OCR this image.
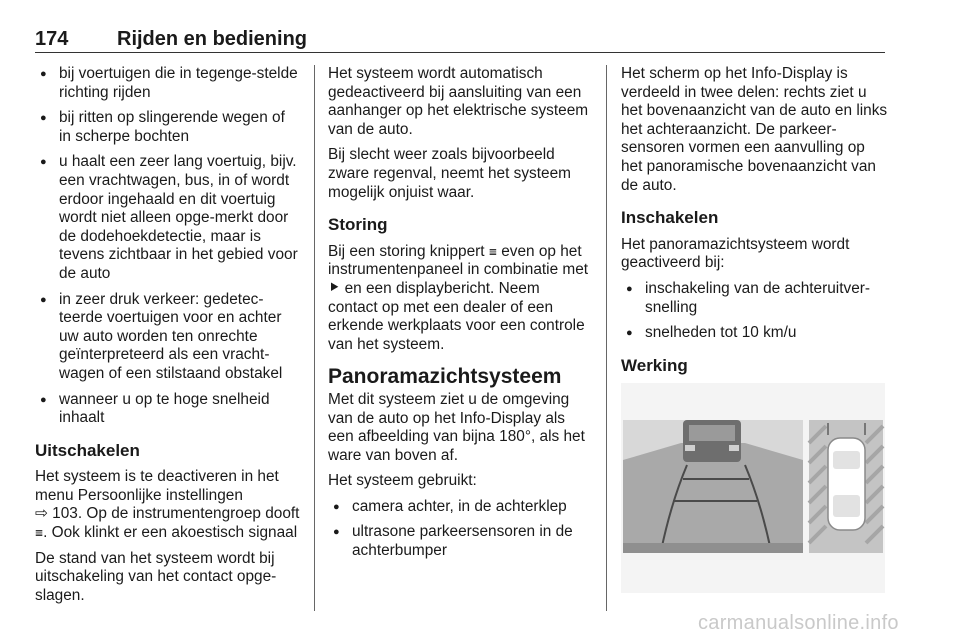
174 Rijden en bediening
● bij voertuigen die in tegenge-stelde richting rijden
● bij ritten op slingerende wegen of in scherpe bochten
● u haalt een zeer lang voertuig, bijv. een vrachtwagen, bus, in of wordt erdoor ingehaald en dit voertuig wordt niet alleen opge-merkt door de dodehoekdetectie, maar is tevens zichtbaar in het gebied voor de auto
● in zeer druk verkeer: gedetec-teerde voertuigen voor en achter uw auto worden ten onrechte geïnterpreteerd als een vracht-wagen of een stilstaand obstakel
● wanneer u op te hoge snelheid inhaalt
Uitschakelen

Het systeem is te deactiveren in het menu Persoonlijke instellingen
⇨ 103. Op de instrumentengroep dooft 𝌆. Ook klinkt er een akoestisch signaal

De stand van het systeem wordt bij uitschakeling van het contact opge-slagen.

Het systeem wordt automatisch gedeactiveerd bij aansluiting van een aanhanger op het elektrische systeem van de auto.

Bij slecht weer zoals bijvoorbeeld zware regenval, neemt het systeem mogelijk onjuist waar.

Storing

Bij een storing knippert 𝌆 even op het instrumentenpaneel in combinatie met ⯈ en een displaybericht. Neem contact op met een dealer of een erkende werkplaats voor een controle van het systeem.

Panoramazichtsysteem

Met dit systeem ziet u de omgeving van de auto op het Info-Display als een afbeelding van bijna 180°, als het ware van boven af.

Het systeem gebruikt:

● camera achter, in de achterklep
● ultrasone parkeersensoren in de achterbumper

Het scherm op het Info-Display is verdeeld in twee delen: rechts ziet u het bovenaanzicht van de auto en links het achteraanzicht. De parkeer-sensoren vormen een aanvulling op het panoramische bovenaanzicht van de auto.

Inschakelen

Het panoramazichtsysteem wordt geactiveerd bij:

● inschakeling van de achteruitver-snelling
● snelheden tot 10 km/u
Werking
carmanualsonline.info
